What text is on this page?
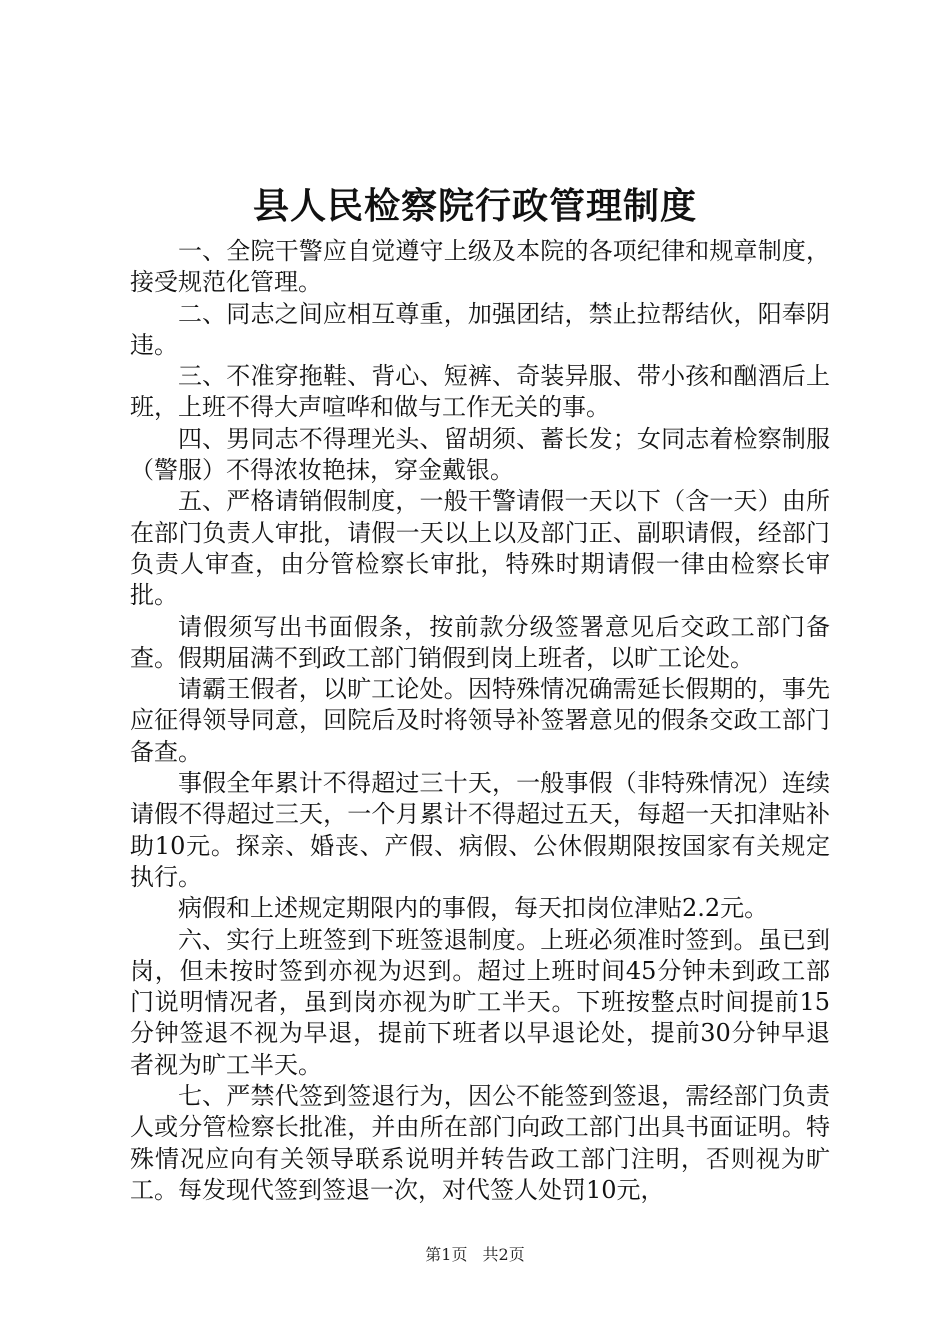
县人民检察院行政管理制度

一、全院干警应自觉遵守上级及本院的各项纪律和规章制度，接受规范化管理。

二、同志之间应相互尊重，加强团结，禁止拉帮结伙，阳奉阴违。

三、不准穿拖鞋、背心、短裤、奇装异服、带小孩和酗酒后上班，上班不得大声喧哗和做与工作无关的事。

四、男同志不得理光头、留胡须、蓄长发；女同志着检察制服（警服）不得浓妆艳抹，穿金戴银。

五、严格请销假制度，一般干警请假一天以下（含一天）由所在部门负责人审批，请假一天以上以及部门正、副职请假，经部门负责人审查，由分管检察长审批，特殊时期请假一律由检察长审批。

请假须写出书面假条，按前款分级签署意见后交政工部门备查。假期届满不到政工部门销假到岗上班者，以旷工论处。

请霸王假者，以旷工论处。因特殊情况确需延长假期的，事先应征得领导同意，回院后及时将领导补签署意见的假条交政工部门备查。

事假全年累计不得超过三十天，一般事假（非特殊情况）连续请假不得超过三天，一个月累计不得超过五天，每超一天扣津贴补助10元。探亲、婚丧、产假、病假、公休假期限按国家有关规定执行。

病假和上述规定期限内的事假，每天扣岗位津贴2.2元。

六、实行上班签到下班签退制度。上班必须准时签到。虽已到岗，但未按时签到亦视为迟到。超过上班时间45分钟未到政工部门说明情况者，虽到岗亦视为旷工半天。下班按整点时间提前15分钟签退不视为早退，提前下班者以早退论处，提前30分钟早退者视为旷工半天。

七、严禁代签到签退行为，因公不能签到签退，需经部门负责人或分管检察长批准，并由所在部门向政工部门出具书面证明。特殊情况应向有关领导联系说明并转告政工部门注明，否则视为旷工。每发现代签到签退一次，对代签人处罚10元，

第1页 共2页
